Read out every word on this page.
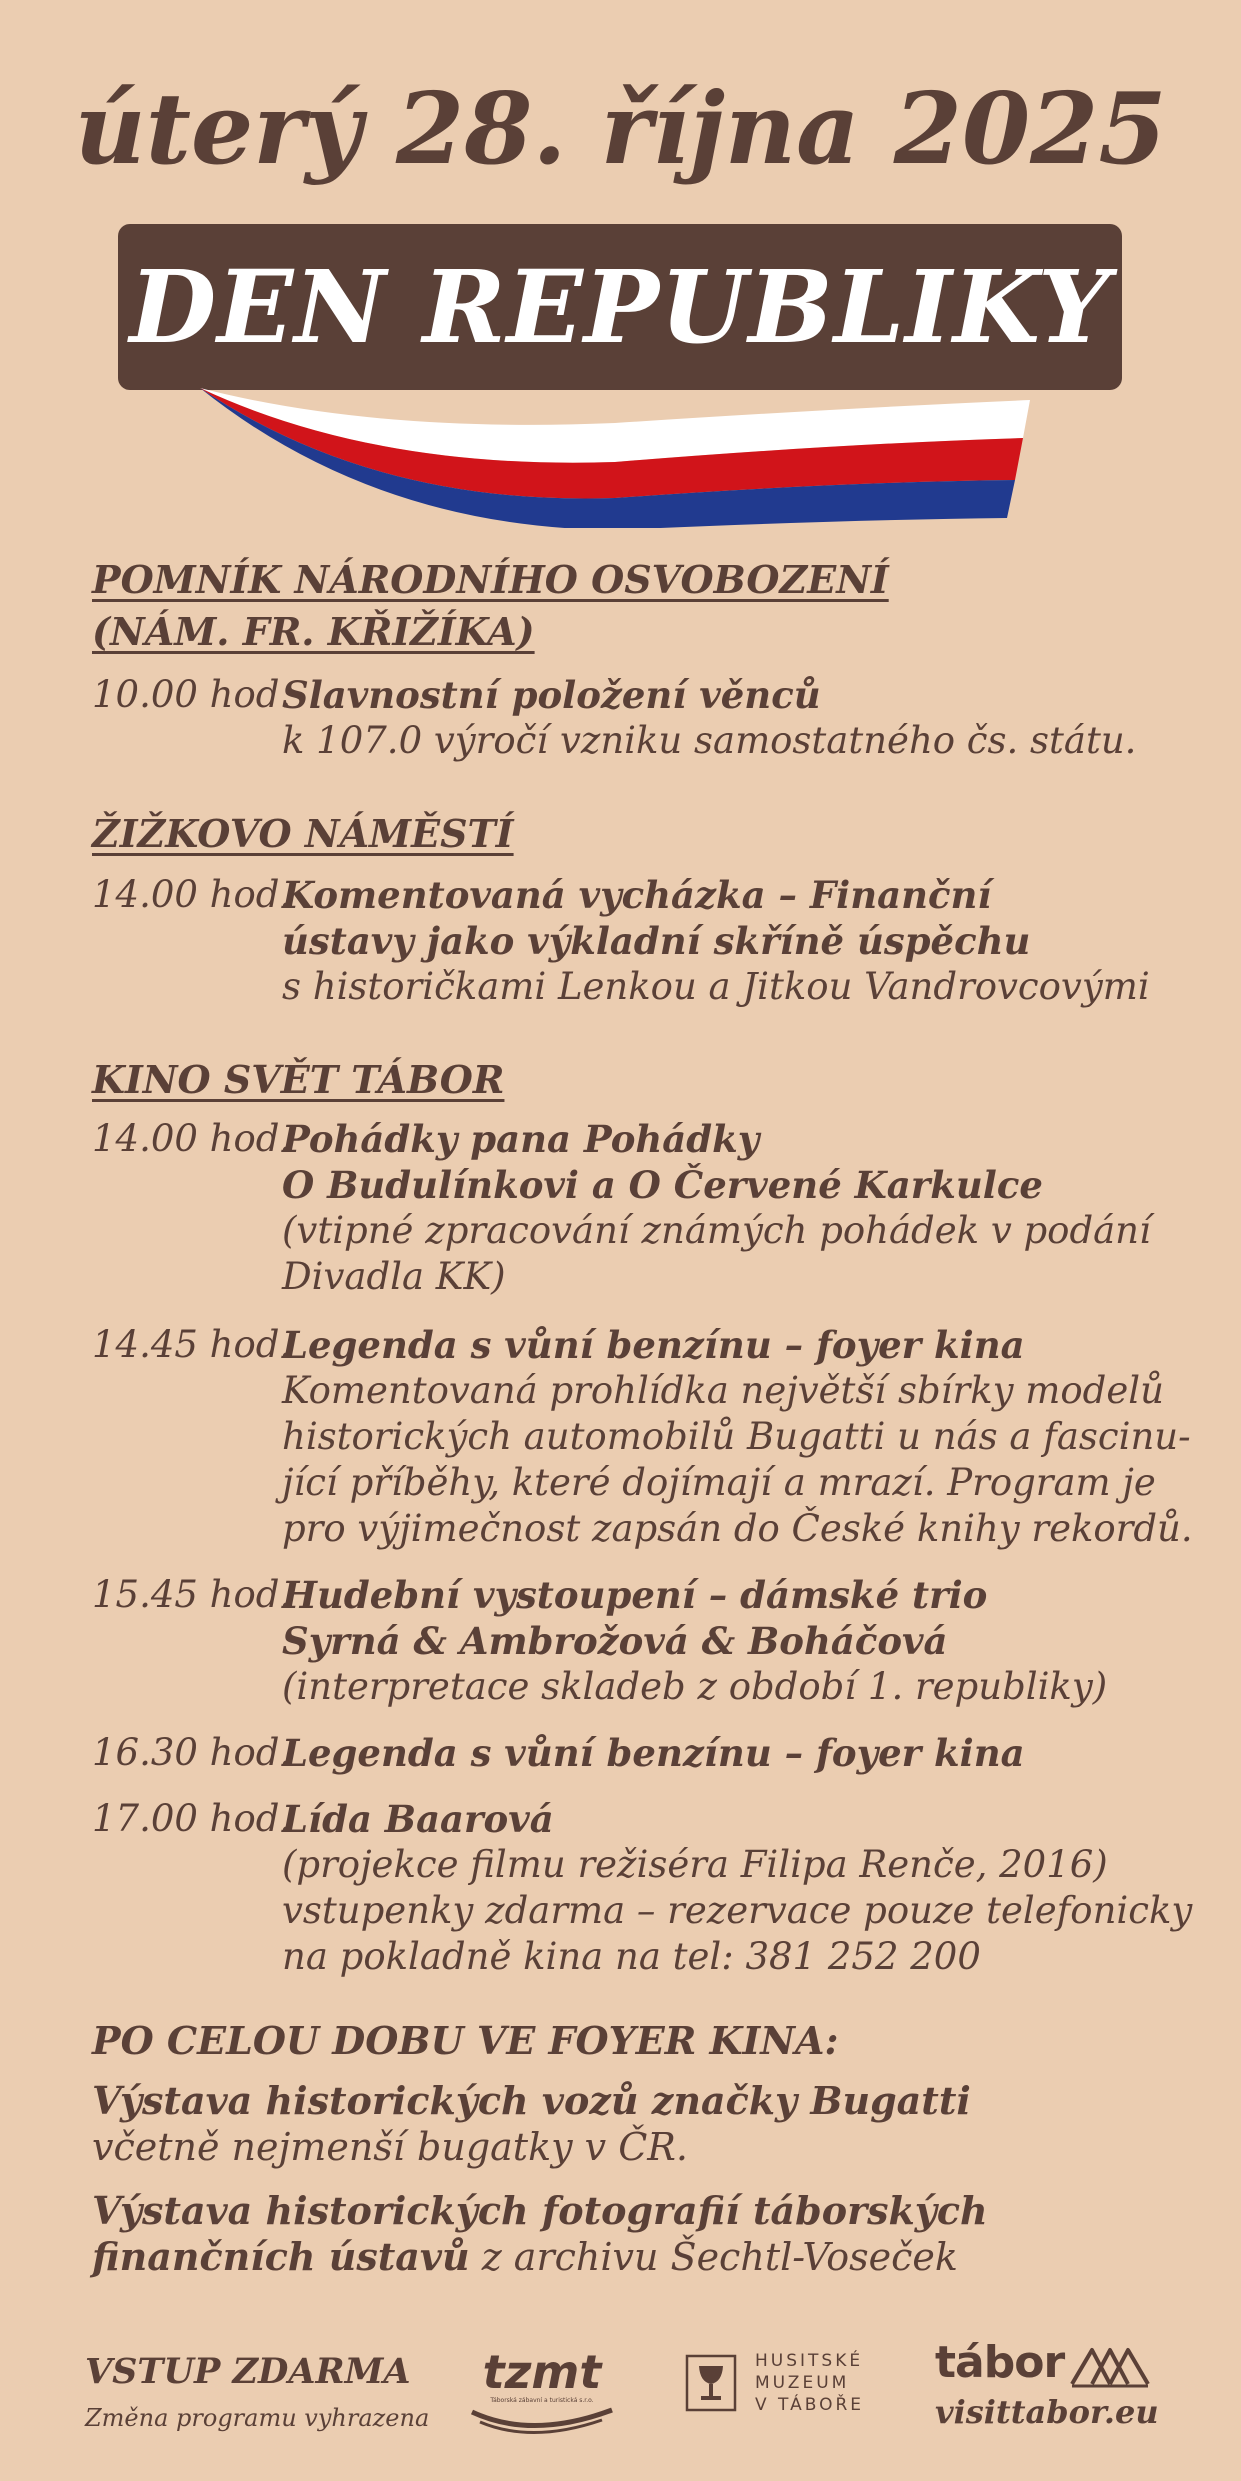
úterý 28. října 2025
DEN REPUBLIKY
POMNÍK NÁRODNÍHO OSVOBOZENÍ
(NÁM. FR. KŘIŽÍKA)
10.00 hod.
Slavnostní položení věnců
k 107.0 výročí vzniku samostatného čs. státu.
ŽIŽKOVO NÁMĚSTÍ
14.00 hod.
Komentovaná vycházka – Finanční
ústavy jako výkladní skříně úspěchu
s historičkami Lenkou a Jitkou Vandrovcovými
KINO SVĚT TÁBOR
14.00 hod.
Pohádky pana Pohádky
O Budulínkovi a O Červené Karkulce
(vtipné zpracování známých pohádek v podání
Divadla KK)
14.45 hod.
Legenda s vůní benzínu – foyer kina
Komentovaná prohlídka největší sbírky modelů
historických automobilů Bugatti u nás a fascinu-
jící příběhy, které dojímají a mrazí. Program je
pro výjimečnost zapsán do České knihy rekordů.
15.45 hod.
Hudební vystoupení – dámské trio
Syrná & Ambrožová & Boháčová
(interpretace skladeb z období 1. republiky)
16.30 hod.
Legenda s vůní benzínu – foyer kina
17.00 hod.
Lída Baarová
(projekce filmu režiséra Filipa Renče, 2016)
vstupenky zdarma – rezervace pouze telefonicky
na pokladně kina na tel: 381 252 200
PO CELOU DOBU VE FOYER KINA:
Výstava historických vozů značky Bugatti
včetně nejmenší bugatky v ČR.
Výstava historických fotografií táborských
finančních ústavů z archivu Šechtl-Voseček
VSTUP ZDARMA
Změna programu vyhrazena
tzmt
Táborská zábavní a turistická s.r.o.
HUSITSKÉ
MUZEUM
V TÁBOŘE
tábor
visittabor.eu
